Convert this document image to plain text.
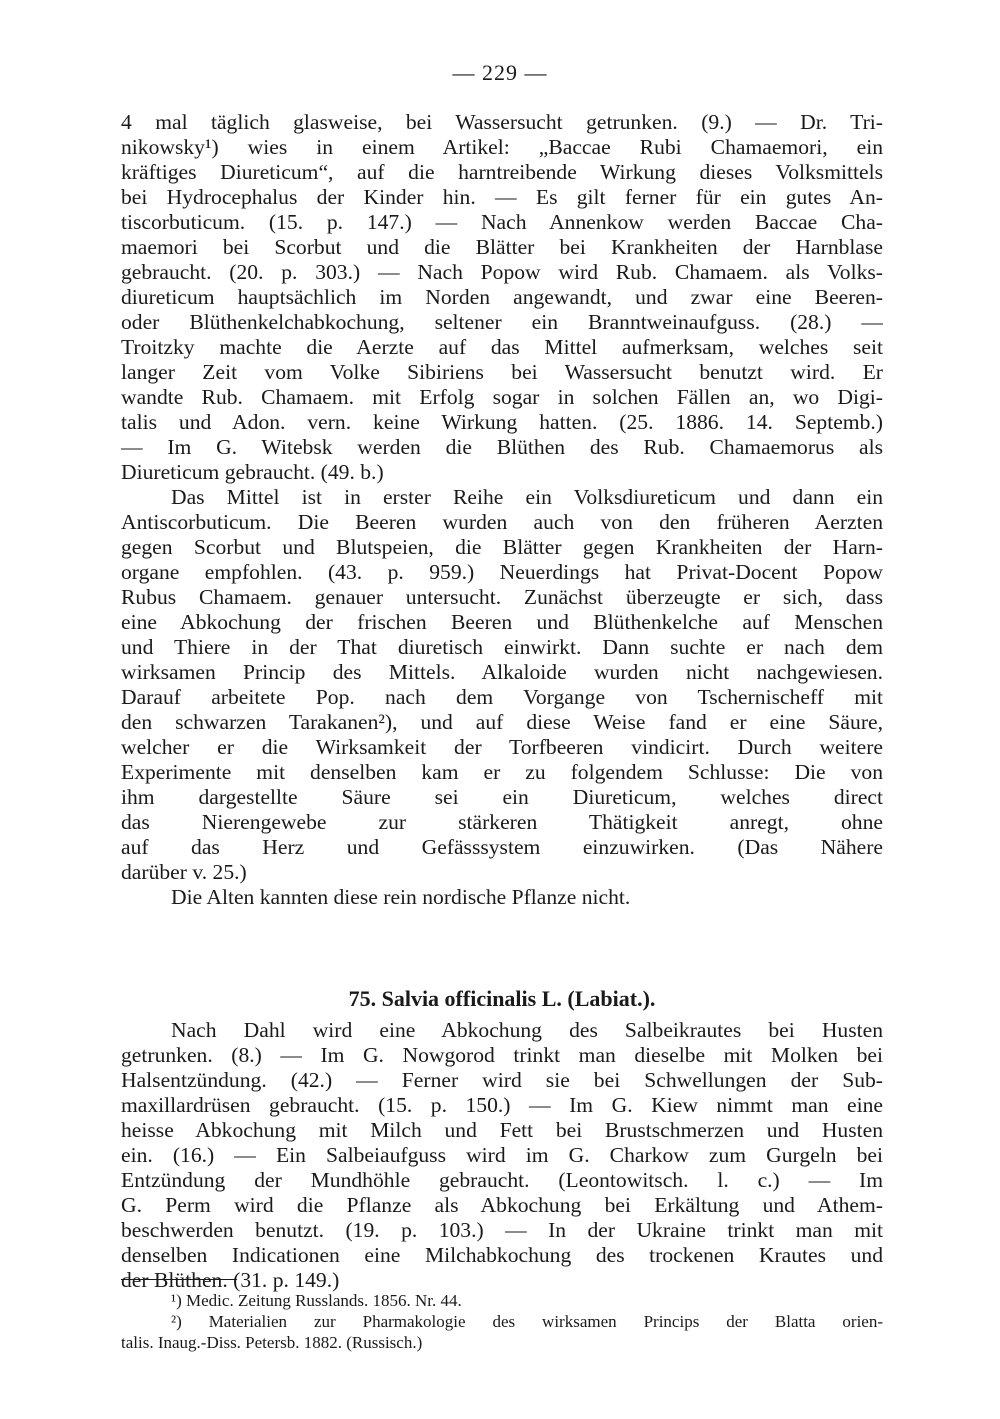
— 229 —
4 mal täglich glasweise, bei Wassersucht getrunken. (9.) — Dr. Tri-
nikowsky¹) wies in einem Artikel: „Baccae Rubi Chamaemori, ein
kräftiges Diureticum“, auf die harntreibende Wirkung dieses Volksmittels
bei Hydrocephalus der Kinder hin. — Es gilt ferner für ein gutes An-
tiscorbuticum. (15. p. 147.) — Nach Annenkow werden Baccae Cha-
maemori bei Scorbut und die Blätter bei Krankheiten der Harnblase
gebraucht. (20. p. 303.) — Nach Popow wird Rub. Chamaem. als Volks-
diureticum hauptsächlich im Norden angewandt, und zwar eine Beeren-
oder Blüthenkelchabkochung, seltener ein Branntweinaufguss. (28.) —
Troitzky machte die Aerzte auf das Mittel aufmerksam, welches seit
langer Zeit vom Volke Sibiriens bei Wassersucht benutzt wird. Er
wandte Rub. Chamaem. mit Erfolg sogar in solchen Fällen an, wo Digi-
talis und Adon. vern. keine Wirkung hatten. (25. 1886. 14. Septemb.)
— Im G. Witebsk werden die Blüthen des Rub. Chamaemorus als
Diureticum gebraucht. (49. b.)
Das Mittel ist in erster Reihe ein Volksdiureticum und dann ein
Antiscorbuticum. Die Beeren wurden auch von den früheren Aerzten
gegen Scorbut und Blutspeien, die Blätter gegen Krankheiten der Harn-
organe empfohlen. (43. p. 959.) Neuerdings hat Privat-Docent Popow
Rubus Chamaem. genauer untersucht. Zunächst überzeugte er sich, dass
eine Abkochung der frischen Beeren und Blüthenkelche auf Menschen
und Thiere in der That diuretisch einwirkt. Dann suchte er nach dem
wirksamen Princip des Mittels. Alkaloide wurden nicht nachgewiesen.
Darauf arbeitete Pop. nach dem Vorgange von Tschernischeff mit
den schwarzen Tarakanen²), und auf diese Weise fand er eine Säure,
welcher er die Wirksamkeit der Torfbeeren vindicirt. Durch weitere
Experimente mit denselben kam er zu folgendem Schlusse: Die von
ihm dargestellte Säure sei ein Diureticum, welches direct
das Nierengewebe zur stärkeren Thätigkeit anregt, ohne
auf das Herz und Gefässsystem einzuwirken. (Das Nähere
darüber v. 25.)
Die Alten kannten diese rein nordische Pflanze nicht.
75. Salvia officinalis L. (Labiat.).
Nach Dahl wird eine Abkochung des Salbeikrautes bei Husten
getrunken. (8.) — Im G. Nowgorod trinkt man dieselbe mit Molken bei
Halsentzündung. (42.) — Ferner wird sie bei Schwellungen der Sub-
maxillardrüsen gebraucht. (15. p. 150.) — Im G. Kiew nimmt man eine
heisse Abkochung mit Milch und Fett bei Brustschmerzen und Husten
ein. (16.) — Ein Salbeiaufguss wird im G. Charkow zum Gurgeln bei
Entzündung der Mundhöhle gebraucht. (Leontowitsch. l. c.) — Im
G. Perm wird die Pflanze als Abkochung bei Erkältung und Athem-
beschwerden benutzt. (19. p. 103.) — In der Ukraine trinkt man mit
denselben Indicationen eine Milchabkochung des trockenen Krautes und
der Blüthen. (31. p. 149.)
¹) Medic. Zeitung Russlands. 1856. Nr. 44.
²) Materialien zur Pharmakologie des wirksamen Princips der Blatta orien-
talis. Inaug.-Diss. Petersb. 1882. (Russisch.)
